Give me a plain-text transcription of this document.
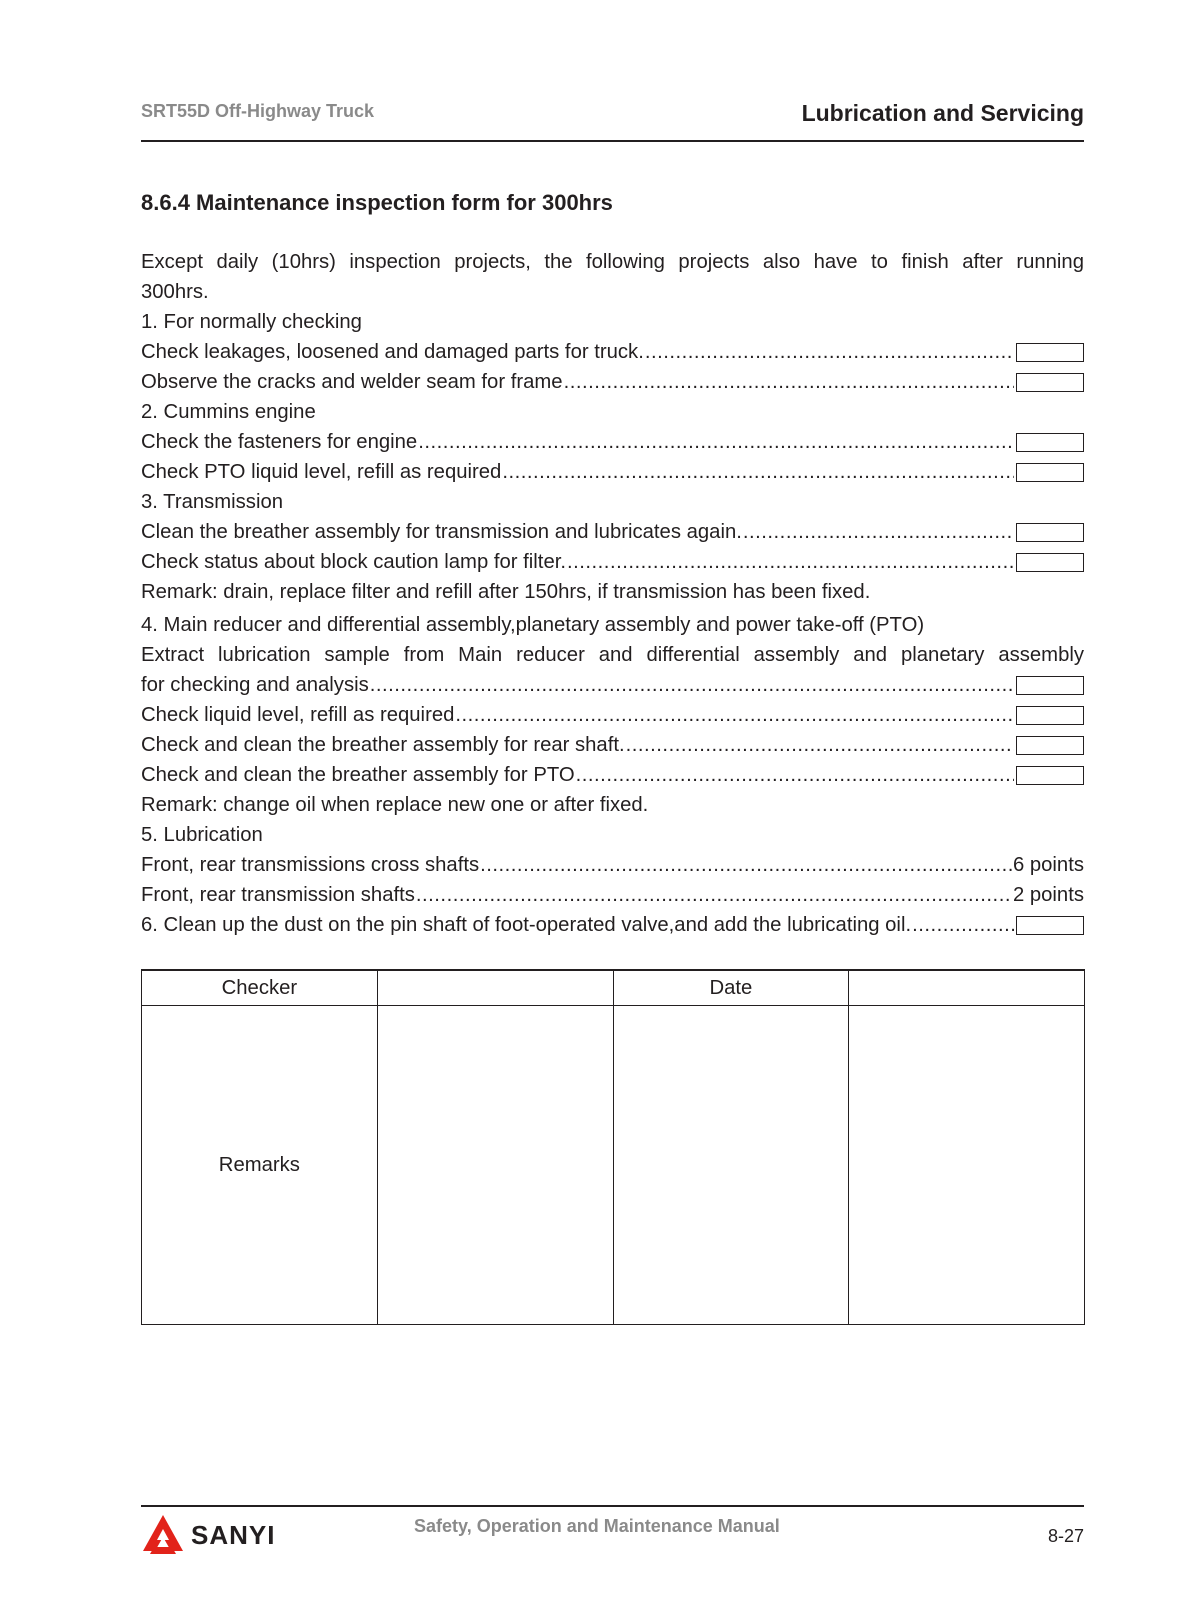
SRT55D Off-Highway Truck	Lubrication and Servicing
8.6.4 Maintenance inspection form for 300hrs
Except daily (10hrs) inspection projects, the following projects also have to finish after running
300hrs.
1. For normally checking
Check leakages, loosened and damaged parts for truck.
.....
Observe the cracks and welder seam for frame
.....
2. Cummins engine
Check the fasteners for engine
.....
Check PTO liquid level, refill as required
.....
3. Transmission
Clean the breather assembly for transmission and lubricates again.
.....
Check status about block caution lamp for filter.
.....
Remark: drain, replace filter and refill after 150hrs, if transmission has been fixed.
4. Main reducer and differential assembly,planetary assembly and power take-off (PTO)
Extract lubrication sample from Main reducer and differential assembly and planetary assembly
for checking and analysis
.....
Check liquid level, refill as required
.....
Check and clean the breather assembly for rear shaft.
.....
Check and clean the breather assembly for PTO
.....
Remark: change oil when replace new one or after fixed.
5. Lubrication
Front, rear transmissions cross shafts .....	6 points
Front, rear transmission shafts .....	2 points
6. Clean up the dust on the pin shaft of foot-operated valve,and add the lubricating oil.
.....
Checker		Date	
Remarks			
SANYI	Safety, Operation and Maintenance Manual	8-27
